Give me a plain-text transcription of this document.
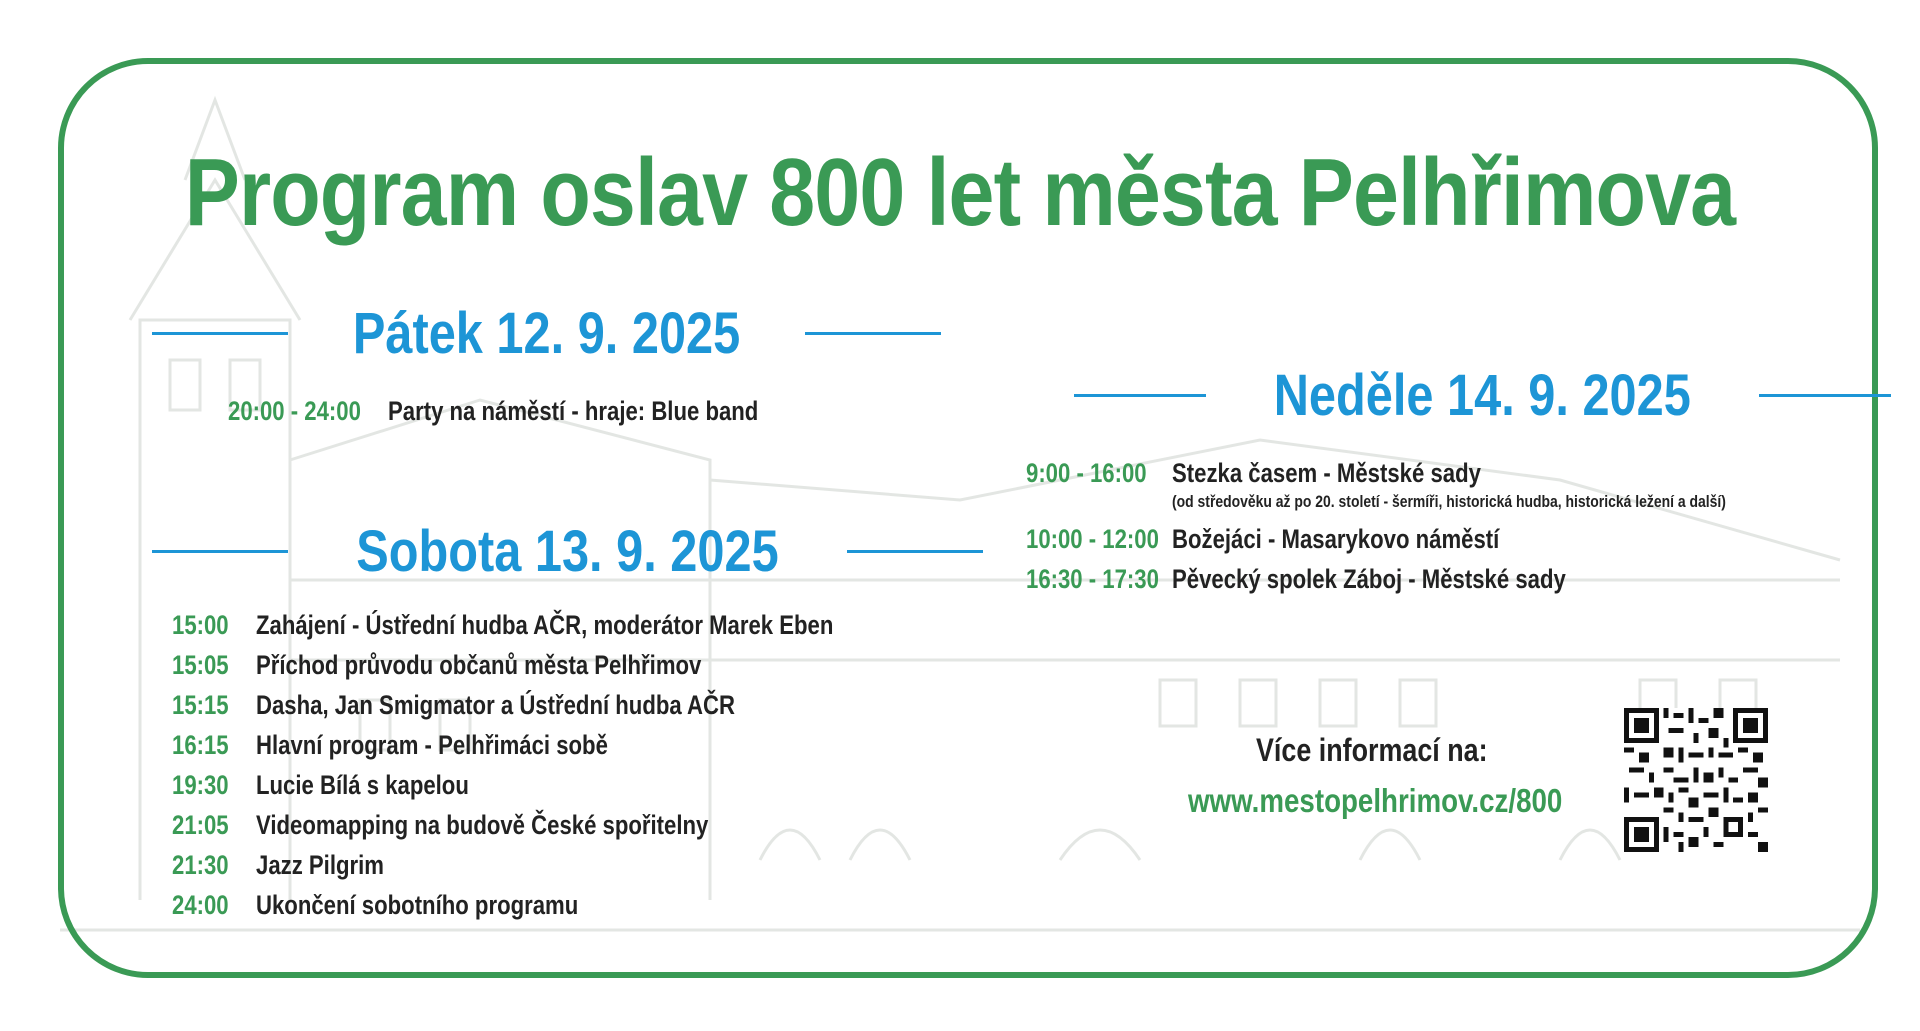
Program oslav 800 let města Pelhřimova
Pátek 12. 9. 2025
20:00 - 24:00 Party na náměstí - hraje: Blue band
Sobota 13. 9. 2025
15:00	Zahájení - Ústřední hudba AČR, moderátor Marek Eben
15:05	Příchod průvodu občanů města Pelhřimov
15:15	Dasha, Jan Smigmator a Ústřední hudba AČR
16:15	Hlavní program - Pelhřimáci sobě
19:30	Lucie Bílá s kapelou
21:05	Videomapping na budově České spořitelny
21:30	Jazz Pilgrim
24:00	Ukončení sobotního programu
Neděle 14. 9. 2025
9:00 - 16:00 Stezka časem - Městské sady
(od středověku až po 20. století - šermíři, historická hudba, historická ležení a další)
10:00 - 12:00 Božejáci - Masarykovo náměstí
16:30 - 17:30 Pěvecký spolek Záboj - Městské sady
Více informací na:
www.mestopelhrimov.cz/800
